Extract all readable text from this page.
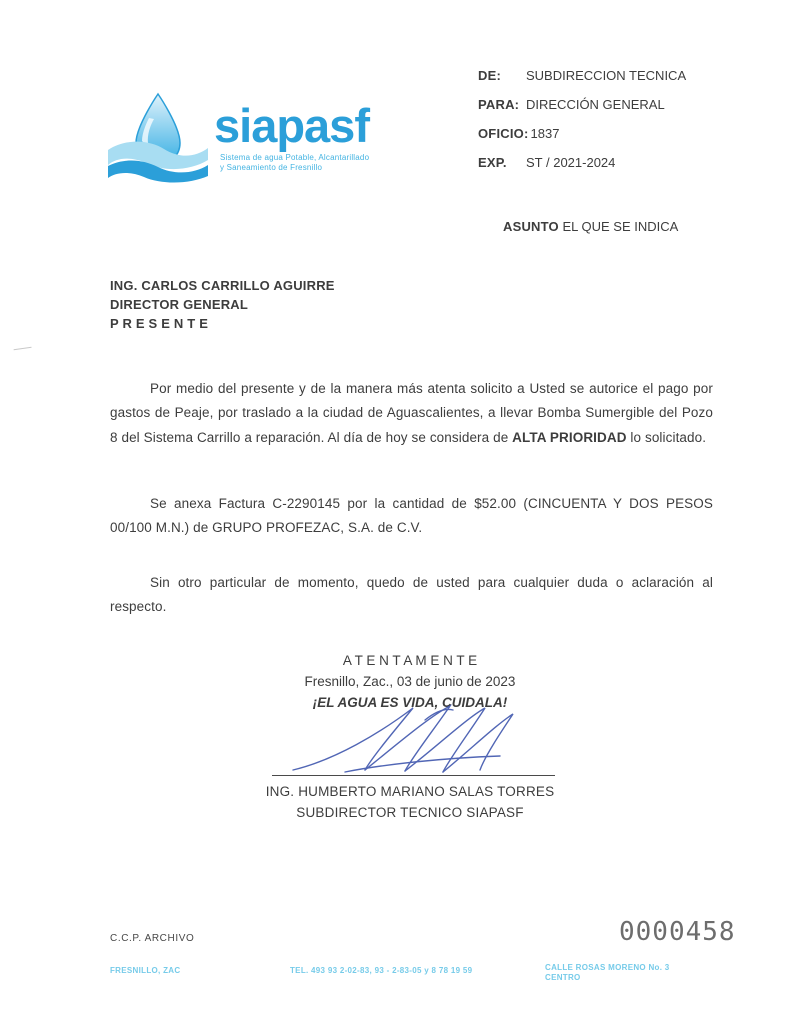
siapasf
Sistema de agua Potable, Alcantarillado
y Saneamiento de Fresnillo
DE:	SUBDIRECCION TECNICA
PARA: DIRECCIÓN GENERAL
OFICIO: 1837
EXP.	ST / 2021-2024
ASUNTO EL QUE SE INDICA
ING. CARLOS CARRILLO AGUIRRE
DIRECTOR GENERAL
P R E S E N T E

Por medio del presente y de la manera más atenta solicito a Usted se autorice el pago por gastos de Peaje, por traslado a la ciudad de Aguascalientes, a llevar Bomba Sumergible del Pozo 8 del Sistema Carrillo a reparación. Al día de hoy se considera de ALTA PRIORIDAD lo solicitado.

Se anexa Factura C-2290145 por la cantidad de $52.00 (CINCUENTA Y DOS PESOS 00/100 M.N.) de GRUPO PROFEZAC, S.A. de C.V.

Sin otro particular de momento, quedo de usted para cualquier duda o aclaración al respecto.

A T E N T A M E N T E
Fresnillo, Zac., 03 de junio de 2023
¡EL AGUA ES VIDA, CUIDALA!
ING. HUMBERTO MARIANO SALAS TORRES
SUBDIRECTOR TECNICO SIAPASF
C.C.P. ARCHIVO	0000458
FRESNILLO, ZAC	TEL. 493 93 2-02-83, 93 - 2-83-05 y 8 78 19 59	CALLE ROSAS MORENO No. 3
CENTRO
